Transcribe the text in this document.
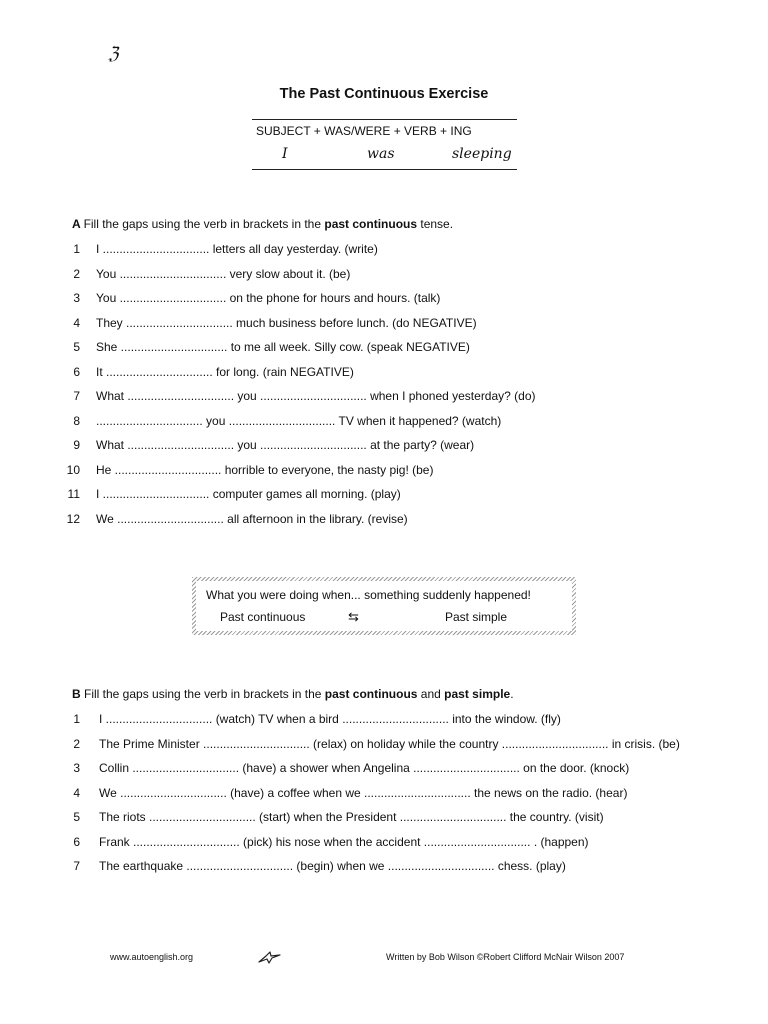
ℨ
The Past Continuous Exercise
SUBJECT + WAS/WERE + VERB + ING
I	was	sleeping
A Fill the gaps using the verb in brackets in the past continuous tense.
1 I ................................ letters all day yesterday. (write)
2 You ................................ very slow about it. (be)
3 You ................................ on the phone for hours and hours. (talk)
4 They ................................ much business before lunch. (do NEGATIVE)
5 She ................................ to me all week. Silly cow. (speak NEGATIVE)
6 It ................................ for long. (rain NEGATIVE)
7 What ................................ you ................................ when I phoned yesterday? (do)
8 ................................ you ................................ TV when it happened? (watch)
9 What ................................ you ................................ at the party? (wear)
10 He ................................ horrible to everyone, the nasty pig! (be)
11 I ................................ computer games all morning. (play)
12 We ................................ all afternoon in the library. (revise)
What you were doing when... something suddenly happened!
Past continuous	⇆	Past simple
B Fill the gaps using the verb in brackets in the past continuous and past simple.
1 I ................................ (watch) TV when a bird ................................ into the window. (fly)
2 The Prime Minister ................................ (relax) on holiday while the country ................................ in crisis. (be)
3 Collin ................................ (have) a shower when Angelina ................................ on the door. (knock)
4 We ................................ (have) a coffee when we ................................ the news on the radio. (hear)
5 The riots ................................ (start) when the President ................................ the country. (visit)
6 Frank ................................ (pick) his nose when the accident ................................ . (happen)
7 The earthquake ................................ (begin) when we ................................ chess. (play)
www.autoenglish.org	Written by Bob Wilson ©Robert Clifford McNair Wilson 2007
